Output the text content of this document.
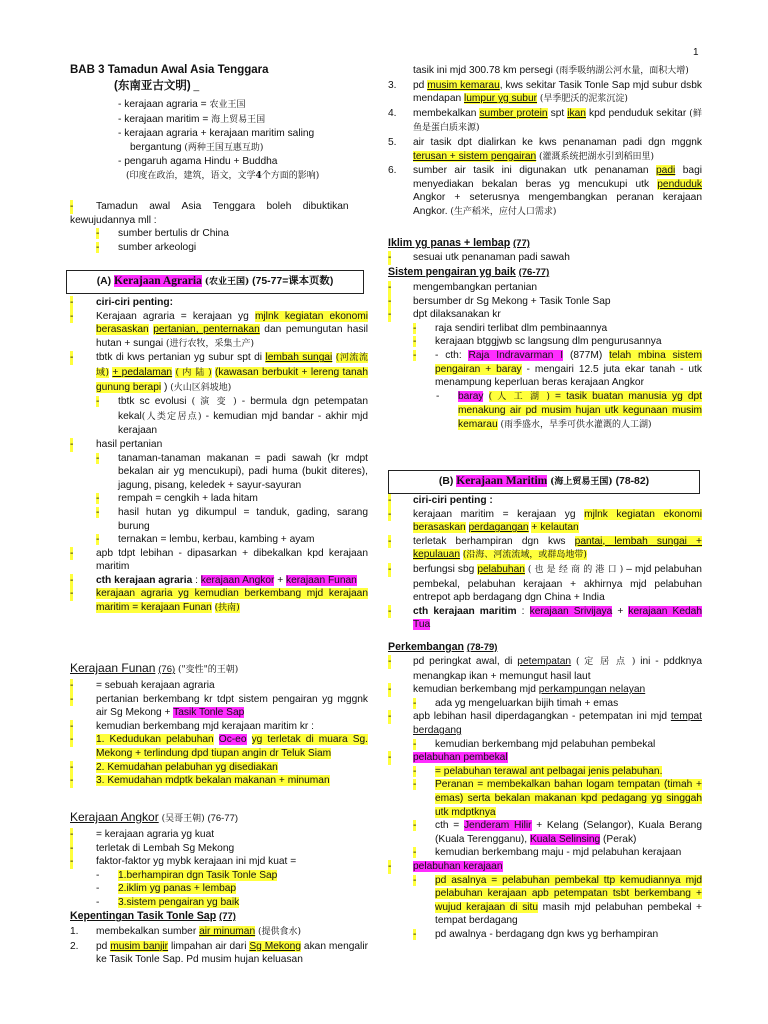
1
BAB 3 Tamadun Awal Asia Tenggara
(东南亚古文明) _
- kerajaan agraria = 农业王国
- kerajaan maritim = 海上贸易王国
- kerajaan agraria + kerajaan maritim saling
bergantung (两种王国互惠互助)
- pengaruh agama Hindu + Buddha
(印度在政治，建筑，语文，文学4个方面的影响)
- Tamadun    awal    Asia    Tenggara    boleh    dibuktikan
kewujudannya mll :
- sumber bertulis dr China
- sumber arkeologi
(A) Kerajaan Agraria (农业王国) (75-77=课本页数)
- ciri-ciri penting:
- Kerajaan agraria = kerajaan yg mjlnk kegiatan ekonomi berasaskan pertanian, penternakan dan pemungutan hasil hutan + sungai (进行农牧，采集土产)
- tbtk di kws pertanian yg subur spt di lembah sungai (河流流域) + pedalaman ( 内 陆 ) (kawasan berbukit + lereng tanah gunung berapi ) (火山区斜坡地)
- tbtk sc evolusi ( 演 变 ) - bermula dgn petempatan kekal(人类定居点) - kemudian mjd bandar - akhir mjd kerajaan
- hasil pertanian
- tanaman-tanaman makanan = padi sawah (kr mdpt bekalan air yg mencukupi), padi huma (bukit diteres), jagung, pisang, keledek + sayur-sayuran
- rempah = cengkih + lada hitam
- hasil hutan yg dikumpul = tanduk, gading, sarang burung
- ternakan = lembu, kerbau, kambing + ayam
- apb tdpt lebihan - dipasarkan + dibekalkan kpd kerajaan maritim
- cth kerajaan agraria : kerajaan Angkor + kerajaan Funan
- kerajaan agraria yg kemudian berkembang mjd kerajaan maritim = kerajaan Funan (扶南)
Kerajaan Funan (76) ("变性"的王朝)
- = sebuah kerajaan agraria
- pertanian berkembang kr tdpt sistem pengairan yg mggnk air Sg Mekong + Tasik Tonle Sap
- kemudian berkembang mjd kerajaan maritim kr :
- 1. Kedudukan pelabuhan Oc-eo yg terletak di muara Sg. Mekong + terlindung dpd tiupan angin dr Teluk Siam
- 2. Kemudahan pelabuhan yg disediakan
- 3. Kemudahan mdptk bekalan makanan + minuman
Kerajaan Angkor (吴哥王朝) (76-77)
- = kerajaan agraria yg kuat
- terletak di Lembah Sg Mekong
- faktor-faktor yg mybk kerajaan ini mjd kuat =
- 1.berhampiran dgn Tasik Tonle Sap
- 2.iklim yg panas + lembap
- 3.sistem pengairan yg baik
Kepentingan Tasik Tonle Sap (77)
1. membekalkan sumber air minuman (提供食水)
2. pd musim banjir limpahan air dari Sg Mekong akan mengalir ke Tasik Tonle Sap. Pd musim hujan keluasan
tasik ini mjd 300.78 km persegi (雨季吸纳湖公河水量，面积大增)
3. pd musim kemarau, kws sekitar Tasik Tonle Sap mjd subur dsbk mendapan lumpur yg subur (旱季肥沃的泥浆沉淀)
4. membekalkan sumber protein spt ikan kpd penduduk sekitar (鲜鱼是蛋白质来源)
5. air tasik dpt dialirkan ke kws penanaman padi dgn mggnk terusan + sistem pengairan (灌溉系统把湖水引到稻田里)
6. sumber air tasik ini digunakan utk penanaman padi bagi menyediakan bekalan beras yg mencukupi utk penduduk Angkor + seterusnya mengembangkan peranan kerajaan Angkor. (生产稻米，应付人口需求)
Iklim yg panas + lembap (77)
- sesuai utk penanaman padi sawah
Sistem pengairan yg baik (76-77)
- mengembangkan pertanian
- bersumber dr Sg Mekong + Tasik Tonle Sap
- dpt dilaksanakan kr
- raja sendiri terlibat dlm pembinaannya
- kerajaan btggjwb sc langsung dlm pengurusannya
- - cth: Raja Indravarman I (877M) telah mbina sistem pengairan + baray - mengairi 12.5 juta ekar tanah - utk menampung keperluan beras kerajaan Angkor
- baray ( 人 工 湖 ) = tasik buatan manusia yg dpt menakung air pd musim hujan utk kegunaan musim kemarau (雨季盛水，旱季可供水灌溉的人工湖)
(B) Kerajaan Maritim (海上贸易王国) (78-82)
- ciri-ciri penting :
- kerajaan maritim = kerajaan yg mjlnk kegiatan ekonomi berasaskan perdagangan + kelautan
- terletak berhampiran dgn kws pantai, lembah sungai + kepulauan (沿海、河流流域，或群岛地带)
- berfungsi sbg pelabuhan ( 也 是 经 商 的 港 口 ) – mjd pelabuhan pembekal, pelabuhan kerajaan + akhirnya mjd pelabuhan entrepot apb berdagang dgn China + India
- cth kerajaan maritim : kerajaan Srivijaya + kerajaan Kedah Tua
Perkembangan (78-79)
- pd peringkat awal, di petempatan ( 定 居 点 ) ini - pddknya menangkap ikan + memungut hasil laut
- kemudian berkembang mjd perkampungan nelayan
- ada yg mengeluarkan bijih timah + emas
- apb lebihan hasil diperdagangkan - petempatan ini mjd tempat berdagang
- kemudian berkembang mjd pelabuhan pembekal
- pelabuhan pembekal
- = pelabuhan terawal ant pelbagai jenis pelabuhan.
- Peranan = membekalkan bahan logam tempatan (timah + emas) serta bekalan makanan kpd pedagang yg singgah utk mdptknya
- cth = Jenderam Hilir + Kelang (Selangor), Kuala Berang (Kuala Terengganu), Kuala Selinsing (Perak)
- kemudian berkembang maju - mjd pelabuhan kerajaan
- pelabuhan kerajaan
- pd asalnya = pelabuhan pembekal ttp kemudiannya mjd pelabuhan kerajaan apb petempatan tsbt berkembang + wujud kerajaan di situ masih mjd pelabuhan pembekal + tempat berdagang
- pd awalnya - berdagang dgn kws yg berhampiran
